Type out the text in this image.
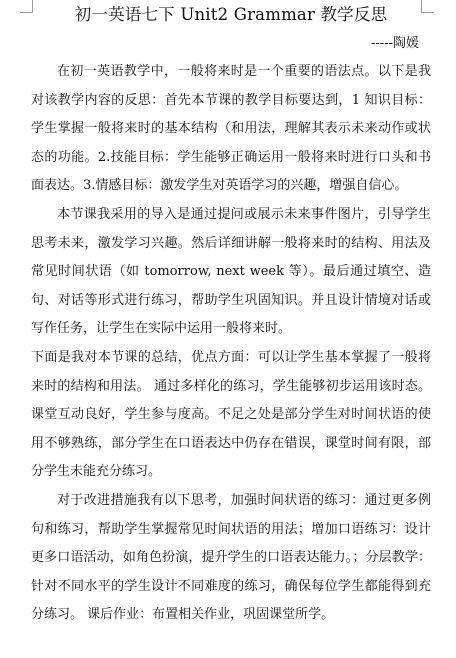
初一英语七下 Unit2 Grammar 教学反思
-----陶媛

在初一英语教学中，一般将来时是一个重要的语法点。以下是我对该教学内容的反思：首先本节课的教学目标要达到，1 知识目标：学生掌握一般将来时的基本结构（和用法，理解其表示未来动作或状态的功能。2.技能目标：学生能够正确运用一般将来时进行口头和书面表达。3.情感目标：激发学生对英语学习的兴趣，增强自信心。

本节课我采用的导入是通过提问或展示未来事件图片，引导学生思考未来，激发学习兴趣。然后详细讲解一般将来时的结构、用法及常见时间状语（如 tomorrow, next week 等）。最后通过填空、造句、对话等形式进行练习，帮助学生巩固知识。并且设计情境对话或写作任务，让学生在实际中运用一般将来时。

下面是我对本节课的总结，优点方面：可以让学生基本掌握了一般将来时的结构和用法。 通过多样化的练习，学生能够初步运用该时态。课堂互动良好，学生参与度高。不足之处是部分学生对时间状语的使用不够熟练，部分学生在口语表达中仍存在错误，课堂时间有限，部分学生未能充分练习。

对于改进措施我有以下思考，加强时间状语的练习：通过更多例句和练习，帮助学生掌握常见时间状语的用法；增加口语练习：设计更多口语活动，如角色扮演，提升学生的口语表达能力。；分层教学：针对不同水平的学生设计不同难度的练习，确保每位学生都能得到充分练习。 课后作业：布置相关作业，巩固课堂所学。
